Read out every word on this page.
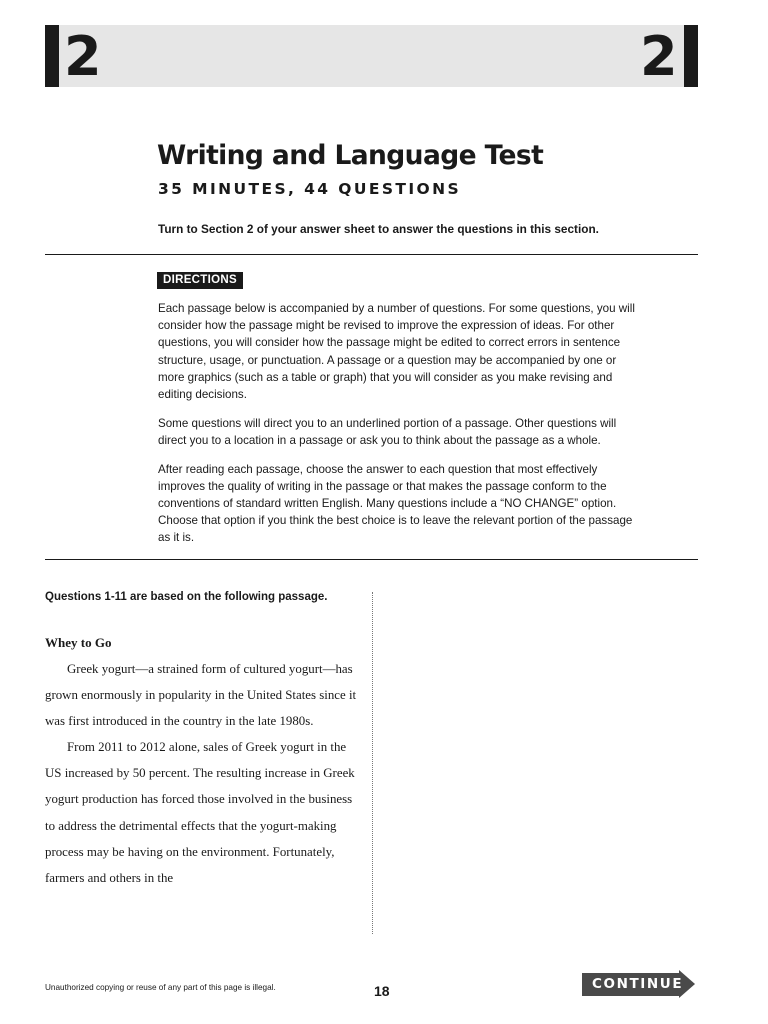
2	2
Writing and Language Test
35 MINUTES, 44 QUESTIONS
Turn to Section 2 of your answer sheet to answer the questions in this section.
DIRECTIONS

Each passage below is accompanied by a number of questions. For some questions, you will consider how the passage might be revised to improve the expression of ideas. For other questions, you will consider how the passage might be edited to correct errors in sentence structure, usage, or punctuation. A passage or a question may be accompanied by one or more graphics (such as a table or graph) that you will consider as you make revising and editing decisions.

Some questions will direct you to an underlined portion of a passage. Other questions will direct you to a location in a passage or ask you to think about the passage as a whole.

After reading each passage, choose the answer to each question that most effectively improves the quality of writing in the passage or that makes the passage conform to the conventions of standard written English. Many questions include a “NO CHANGE” option. Choose that option if you think the best choice is to leave the relevant portion of the passage as it is.

Questions 1-11 are based on the following passage.
Whey to Go

Greek yogurt—a strained form of cultured yogurt—has grown enormously in popularity in the United States since it was first introduced in the country in the late 1980s.

From 2011 to 2012 alone, sales of Greek yogurt in the US increased by 50 percent. The resulting increase in Greek yogurt production has forced those involved in the business to address the detrimental effects that the yogurt-making process may be having on the environment. Fortunately, farmers and others in the

Unauthorized copying or reuse of any part of this page is illegal.	18	CONTINUE
